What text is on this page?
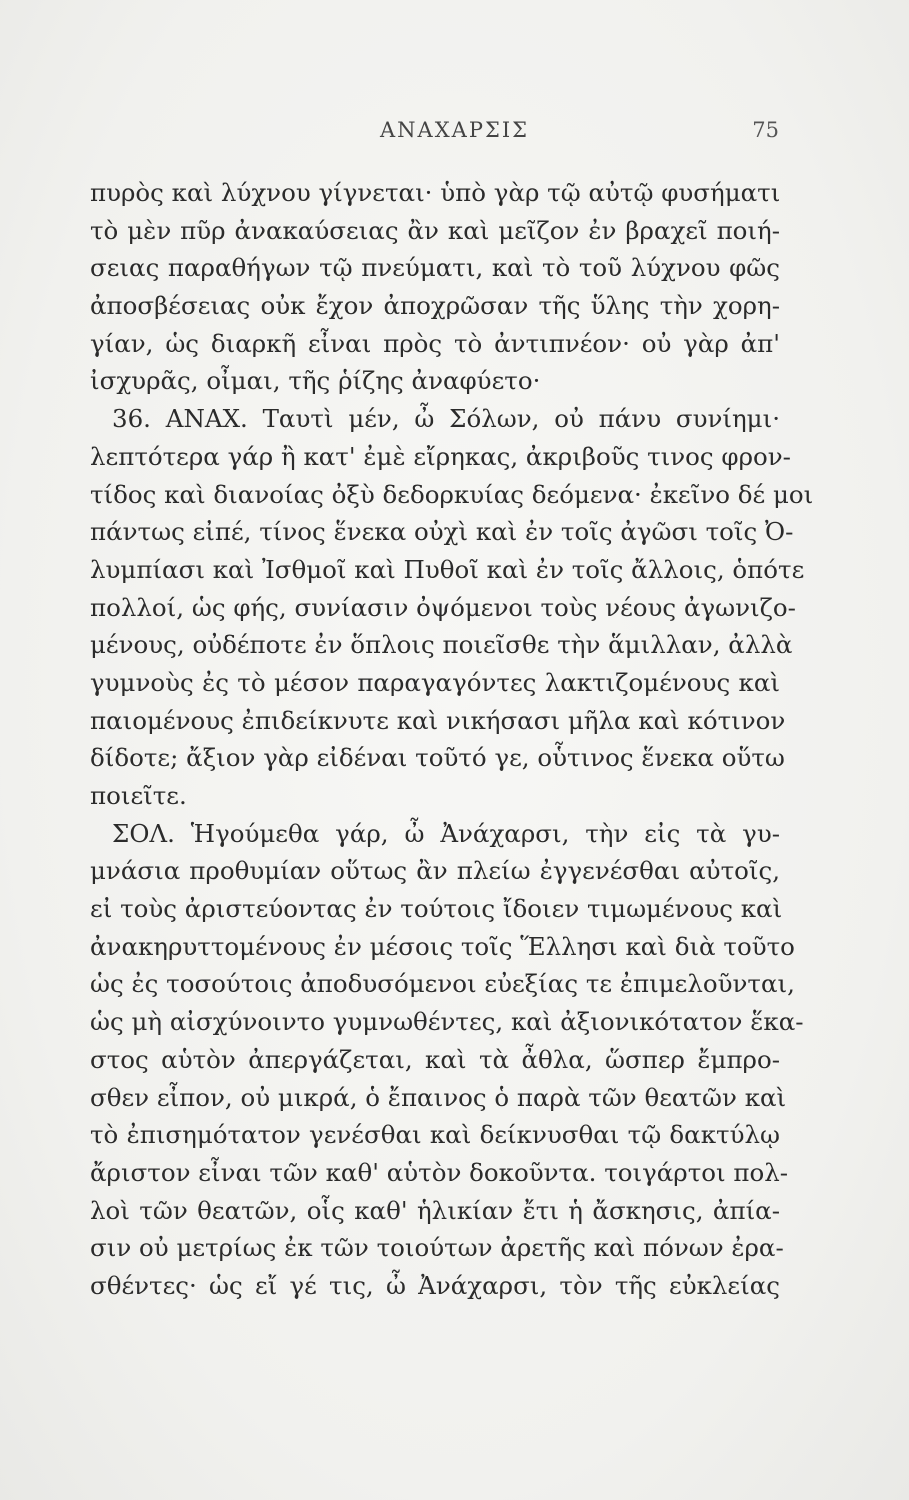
ΑΝΑΧΑΡΣΙΣ	75
πυρὸς καὶ λύχνου γίγνεται· ὑπὸ γὰρ τῷ αὐτῷ φυσήματι
τὸ μὲν πῦρ ἀνακαύσειας ἂν καὶ μεῖζον ἐν βραχεῖ ποιή-
σειας παραθήγων τῷ πνεύματι, καὶ τὸ τοῦ λύχνου φῶς
ἀποσβέσειας οὐκ ἔχον ἀποχρῶσαν τῆς ὕλης τὴν χορη-
γίαν, ὡς διαρκῆ εἶναι πρὸς τὸ ἀντιπνέον· οὐ γὰρ ἀπ'
ἰσχυρᾶς, οἶμαι, τῆς ῥίζης ἀναφύετο·
36. ΑΝΑΧ. Ταυτὶ μέν, ὦ Σόλων, οὐ πάνυ συνίημι·
λεπτότερα γάρ ἢ κατ' ἐμὲ εἴρηκας, ἀκριβοῦς τινος φρον-
τίδος καὶ διανοίας ὀξὺ δεδορκυίας δεόμενα· ἐκεῖνο δέ μοι
πάντως εἰπέ, τίνος ἕνεκα οὐχὶ καὶ ἐν τοῖς ἀγῶσι τοῖς Ὀ-
λυμπίασι καὶ Ἰσθμοῖ καὶ Πυθοῖ καὶ ἐν τοῖς ἄλλοις, ὁπότε
πολλοί, ὡς φής, συνίασιν ὀψόμενοι τοὺς νέους ἀγωνιζο-
μένους, οὐδέποτε ἐν ὅπλοις ποιεῖσθε τὴν ἅμιλλαν, ἀλλὰ
γυμνοὺς ἐς τὸ μέσον παραγαγόντες λακτιζομένους καὶ
παιομένους ἐπιδείκνυτε καὶ νικήσασι μῆλα καὶ κότινον
δίδοτε; ἄξιον γὰρ εἰδέναι τοῦτό γε, οὗτινος ἕνεκα οὕτω
ποιεῖτε.
ΣΟΛ. Ἡγούμεθα γάρ, ὦ Ἀνάχαρσι, τὴν εἰς τὰ γυ-
μνάσια προθυμίαν οὕτως ἂν πλείω ἐγγενέσθαι αὐτοῖς,
εἰ τοὺς ἀριστεύοντας ἐν τούτοις ἴδοιεν τιμωμένους καὶ
ἀνακηρυττομένους ἐν μέσοις τοῖς Ἕλλησι καὶ διὰ τοῦτο
ὡς ἐς τοσούτοις ἀποδυσόμενοι εὐεξίας τε ἐπιμελοῦνται,
ὡς μὴ αἰσχύνοιντο γυμνωθέντες, καὶ ἀξιονικότατον ἕκα-
στος αὑτὸν ἀπεργάζεται, καὶ τὰ ἆθλα, ὥσπερ ἔμπρο-
σθεν εἶπον, οὐ μικρά, ὁ ἔπαινος ὁ παρὰ τῶν θεατῶν καὶ
τὸ ἐπισημότατον γενέσθαι καὶ δείκνυσθαι τῷ δακτύλῳ
ἄριστον εἶναι τῶν καθ' αὑτὸν δοκοῦντα. τοιγάρτοι πολ-
λοὶ τῶν θεατῶν, οἷς καθ' ἡλικίαν ἔτι ἡ ἄσκησις, ἀπία-
σιν οὐ μετρίως ἐκ τῶν τοιούτων ἀρετῆς καὶ πόνων ἐρα-
σθέντες· ὡς εἴ γέ τις, ὦ Ἀνάχαρσι, τὸν τῆς εὐκλείας
